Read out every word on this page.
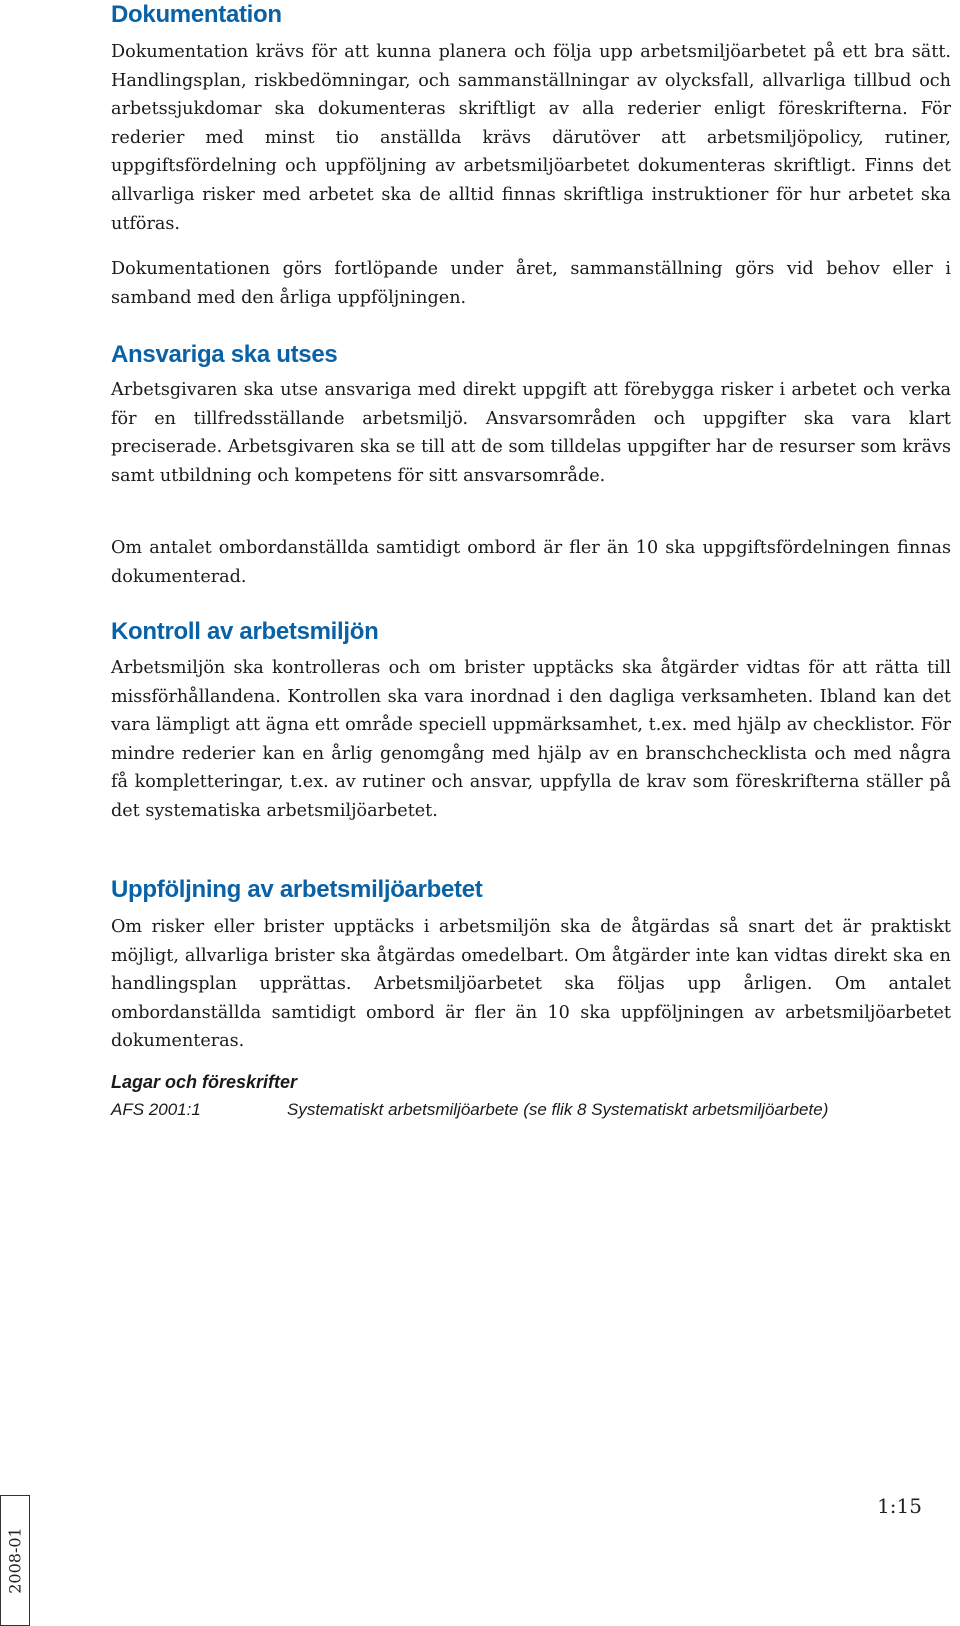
Dokumentation

Dokumentation krävs för att kunna planera och följa upp arbetsmiljöarbetet på ett bra sätt. Handlingsplan, riskbedömningar, och sammanställningar av olycksfall, allvarliga tillbud och arbetssjukdomar ska dokumenteras skriftligt av alla rederier enligt föreskrifterna. För rederier med minst tio anställda krävs därutöver att arbetsmiljöpolicy, rutiner, uppgiftsfördelning och uppföljning av arbetsmiljöarbetet dokumenteras skriftligt. Finns det allvarliga risker med arbetet ska de alltid finnas skriftliga instruktioner för hur arbetet ska utföras.

Dokumentationen görs fortlöpande under året, sammanställning görs vid behov eller i samband med den årliga uppföljningen.

Ansvariga ska utses

Arbetsgivaren ska utse ansvariga med direkt uppgift att förebygga risker i arbetet och verka för en tillfredsställande arbetsmiljö. Ansvarsområden och uppgifter ska vara klart preciserade. Arbetsgivaren ska se till att de som tilldelas uppgifter har de resurser som krävs samt utbildning och kompetens för sitt ansvarsområde.

Om antalet ombordanställda samtidigt ombord är fler än 10 ska uppgiftsfördelningen finnas dokumenterad.

Kontroll av arbetsmiljön

Arbetsmiljön ska kontrolleras och om brister upptäcks ska åtgärder vidtas för att rätta till missförhållandena. Kontrollen ska vara inordnad i den dagliga verksamheten. Ibland kan det vara lämpligt att ägna ett område speciell uppmärksamhet, t.ex. med hjälp av checklistor. För mindre rederier kan en årlig genomgång med hjälp av en branschchecklista och med några få kompletteringar, t.ex. av rutiner och ansvar, uppfylla de krav som föreskrifterna ställer på det systematiska arbetsmiljöarbetet.

Uppföljning av arbetsmiljöarbetet

Om risker eller brister upptäcks i arbetsmiljön ska de åtgärdas så snart det är praktiskt möjligt, allvarliga brister ska åtgärdas omedelbart. Om åtgärder inte kan vidtas direkt ska en handlingsplan upprättas. Arbetsmiljöarbetet ska följas upp årligen. Om antalet ombordanställda samtidigt ombord är fler än 10 ska uppföljningen av arbetsmiljöarbetet dokumenteras.

Lagar och föreskrifter
AFS 2001:1	Systematiskt arbetsmiljöarbete (se flik 8 Systematiskt arbetsmiljöarbete)
2008-01
1:15
